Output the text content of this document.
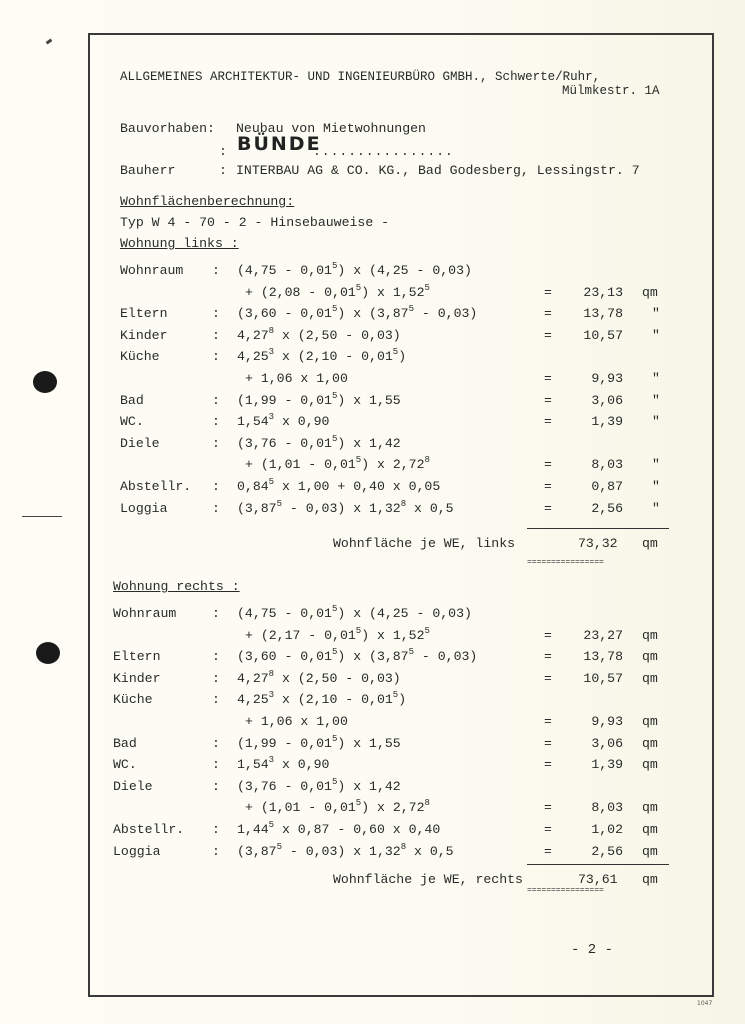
ALLGEMEINES ARCHITEKTUR- UND INGENIEURBÜRO GMBH., Schwerte/Ruhr,
Mülmkestr. 1A
Bauvorhaben: Neubau von Mietwohnungen
: BÜNDE
................
Bauherr	: INTERBAU AG & CO. KG., Bad Godesberg, Lessingstr. 7
Wohnflächenberechnung:
Typ W 4 - 70 - 2 - Hinsebauweise -
Wohnung links :
Wohnraum : (4,75 - 0,01$^5$) x (4,25 - 0,03)
+ (2,08 - 0,01$^5$) x $1,52^5$	=	23,13 qm
Eltern	: (3,60 - 0,01$^5$) x (3,87$^5$ - 0,03)	=	13,78 "
Kinder	: 4,27$^8$ x (2,50 - 0,03)	=	10,57 "
Küche	: 4,25$^3$ x $(2,10 - 0,01^5)$
+ 1,06 x 1,00	=	9,93 "
Bad	: (1,99 - 0,01$^5$) x 1,55	=	3,06 "
WC.	: 1,54$^3$ x 0,90	=	1,39 "
Diele	: (3,76 - 0,01$^5$) x 1,42
+ (1,01 - 0,01$^5$) x $2,72^8$	=	8,03 "
Abstellr. : 0,84$^5$ x 1,00 + 0,40 x 0,05	=	0,87 "
Loggia	: (3,87$^5$ - 0,03) x 1,32$^8$ x 0,5	=	2,56 "
Wohnfläche je WE, links	73,32 qm
================
Wohnung rechts :
Wohnraum	: (4,75 - 0,01$^5$) x (4,25 - 0,03)
+ (2,17 - 0,01$^5$) x $1,52^5$	=	23,27 qm
Eltern	: (3,60 - 0,01$^5$) x (3,87$^5$ - 0,03)	=	13,78 qm
Kinder	: 4,27$^8$ x (2,50 - 0,03)	=	10,57 qm
Küche	: 4,25$^3$ x $(2,10 - 0,01^5)$
+ 1,06 x 1,00	=	9,93 qm
Bad	: (1,99 - 0,01$^5$) x 1,55	=	3,06 qm
WC.	: 1,54$^3$ x 0,90	=	1,39 qm
Diele	: (3,76 - 0,01$^5$) x 1,42
+ (1,01 - 0,01$^5$) x $2,72^8$	=	8,03 qm
Abstellr. : 1,44$^5$ x 0,87 - 0,60 x 0,40	=	1,02 qm
Loggia	: (3,87$^5$ - 0,03) x 1,32$^8$ x 0,5	=	2,56 qm
Wohnfläche je WE, rechts	73,61 qm
================
- 2 -
1047
